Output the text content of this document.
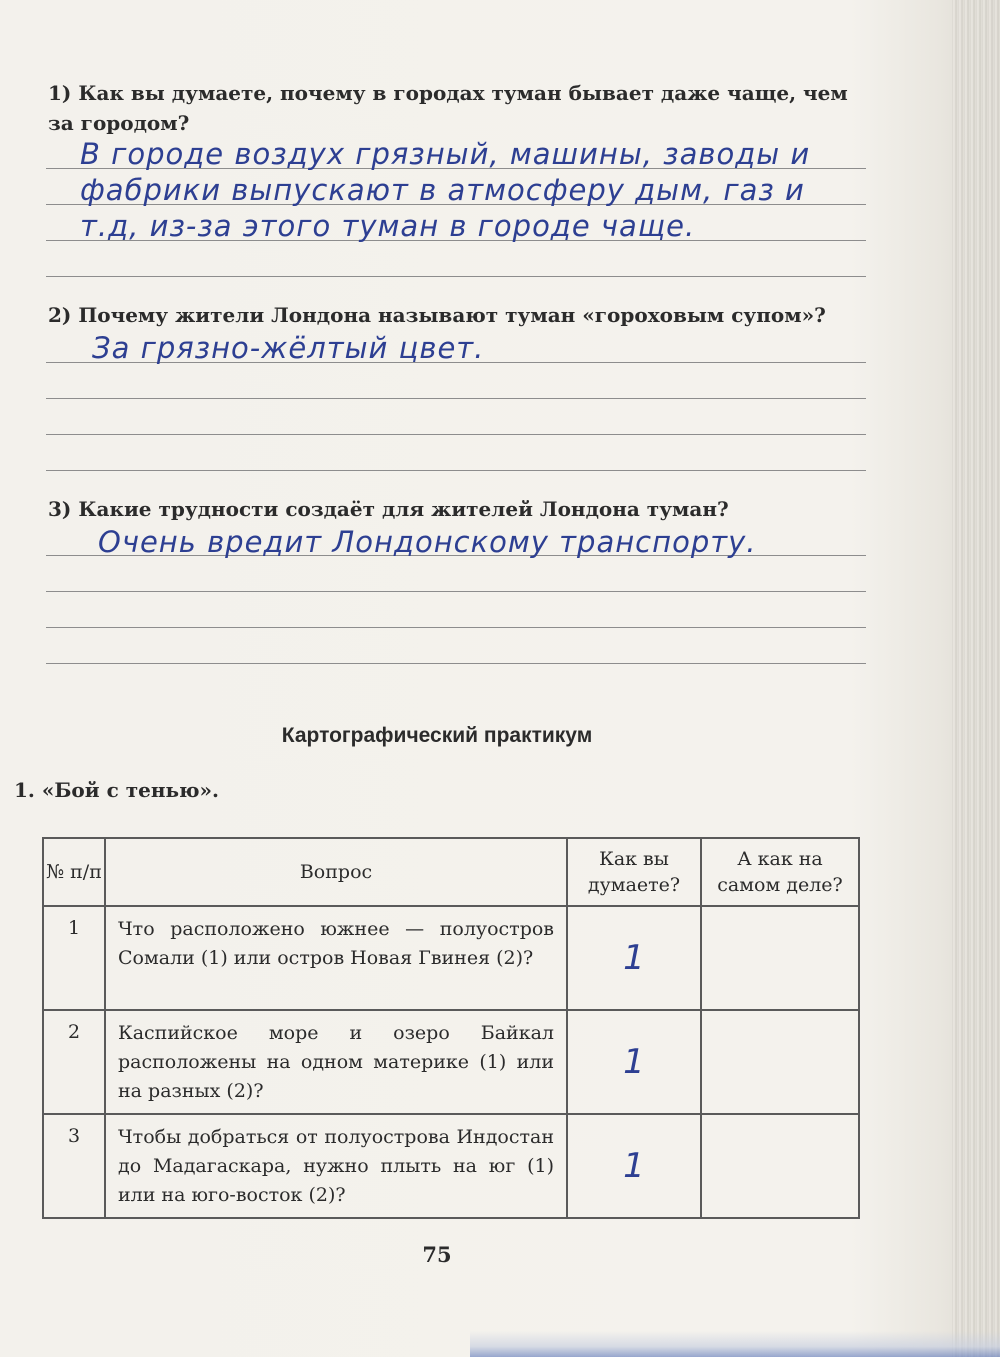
1) Как вы думаете, почему в городах туман бывает даже чаще, чем за городом?
В городе воздух грязный, машины, заводы и фабрики выпускают в атмосферу дым, газ и т.д, из-за этого туман в городе чаще.
2) Почему жители Лондона называют туман «гороховым супом»?
За грязно-жёлтый цвет.
3) Какие трудности создаёт для жителей Лондона туман?
Очень вредит Лондонскому транспорту.
Картографический практикум
1. «Бой с тенью».
№ п/п	Вопрос	Как вы думаете?	А как на самом деле?
1	Что расположено южнее — полуостров Сомали (1) или остров Новая Гвинея (2)?	1	
2	Каспийское море и озеро Байкал расположены на одном материке (1) или на разных (2)?	1	
3	Чтобы добраться от полуострова Индостан до Мадагаскара, нужно плыть на юг (1) или на юго-восток (2)?	1	
75
